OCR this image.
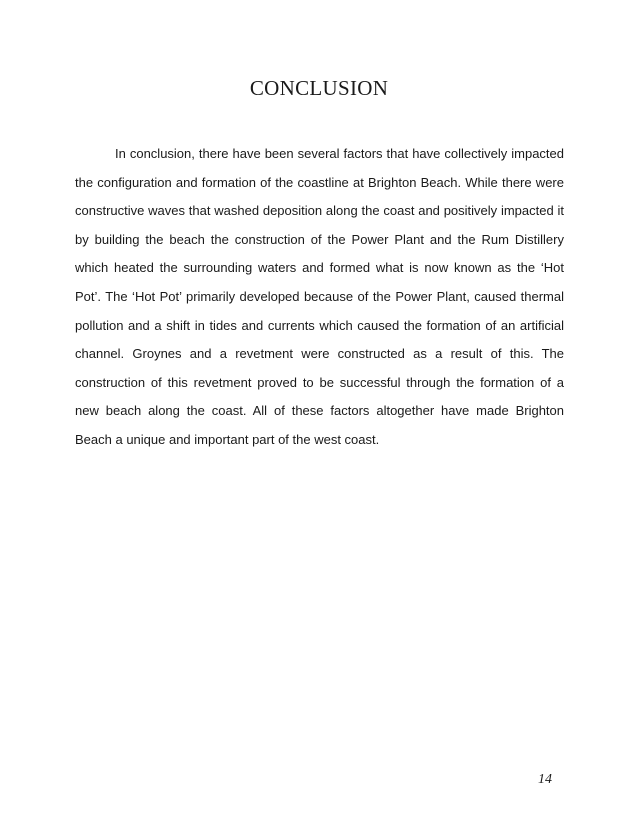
CONCLUSION

In conclusion, there have been several factors that have collectively impacted the configuration and formation of the coastline at Brighton Beach. While there were constructive waves that washed deposition along the coast and positively impacted it by building the beach the construction of the Power Plant and the Rum Distillery which heated the surrounding waters and formed what is now known as the ‘Hot Pot’. The ‘Hot Pot’ primarily developed because of the Power Plant, caused thermal pollution and a shift in tides and currents which caused the formation of an artificial channel. Groynes and a revetment were constructed as a result of this. The construction of this revetment proved to be successful through the formation of a new beach along the coast. All of these factors altogether have made Brighton Beach a unique and important part of the west coast.

14
